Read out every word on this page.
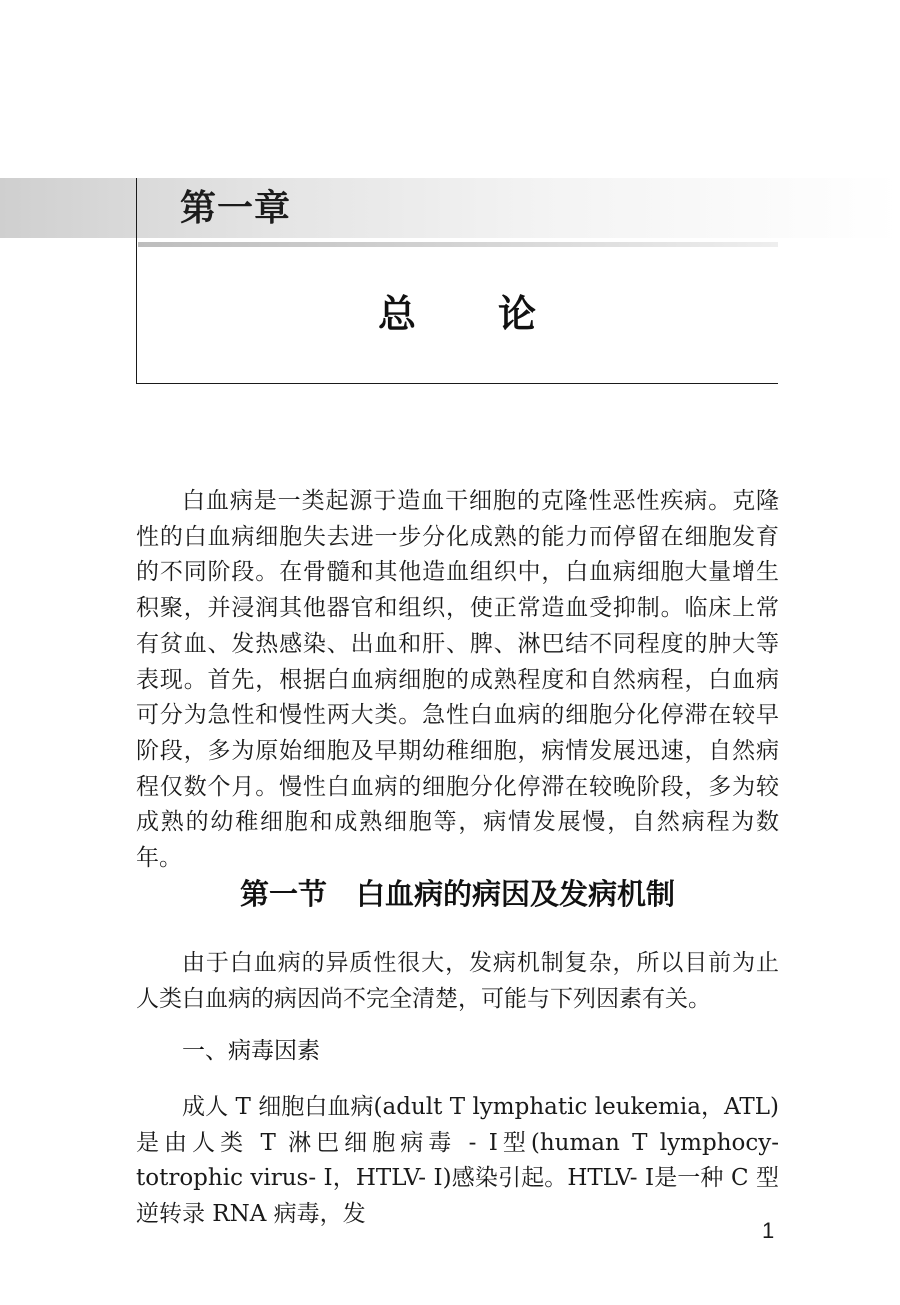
第一章
总 论

白血病是一类起源于造血干细胞的克隆性恶性疾病。克隆性的白血病细胞失去进一步分化成熟的能力而停留在细胞发育的不同阶段。在骨髓和其他造血组织中，白血病细胞大量增生积聚，并浸润其他器官和组织，使正常造血受抑制。临床上常有贫血、发热感染、出血和肝、脾、淋巴结不同程度的肿大等表现。首先，根据白血病细胞的成熟程度和自然病程，白血病可分为急性和慢性两大类。急性白血病的细胞分化停滞在较早阶段，多为原始细胞及早期幼稚细胞，病情发展迅速，自然病程仅数个月。慢性白血病的细胞分化停滞在较晚阶段，多为较成熟的幼稚细胞和成熟细胞等，病情发展慢，自然病程为数年。

第一节　白血病的病因及发病机制

由于白血病的异质性很大，发病机制复杂，所以目前为止人类白血病的病因尚不完全清楚，可能与下列因素有关。

一、病毒因素

成人 T 细胞白血病(adult T lymphatic leukemia，ATL)是由人类 T 淋巴细胞病毒 - Ⅰ型(human T lymphocy-totrophic virus- Ⅰ，HTLV- Ⅰ)感染引起。HTLV- Ⅰ是一种 C 型逆转录 RNA 病毒，发

1
